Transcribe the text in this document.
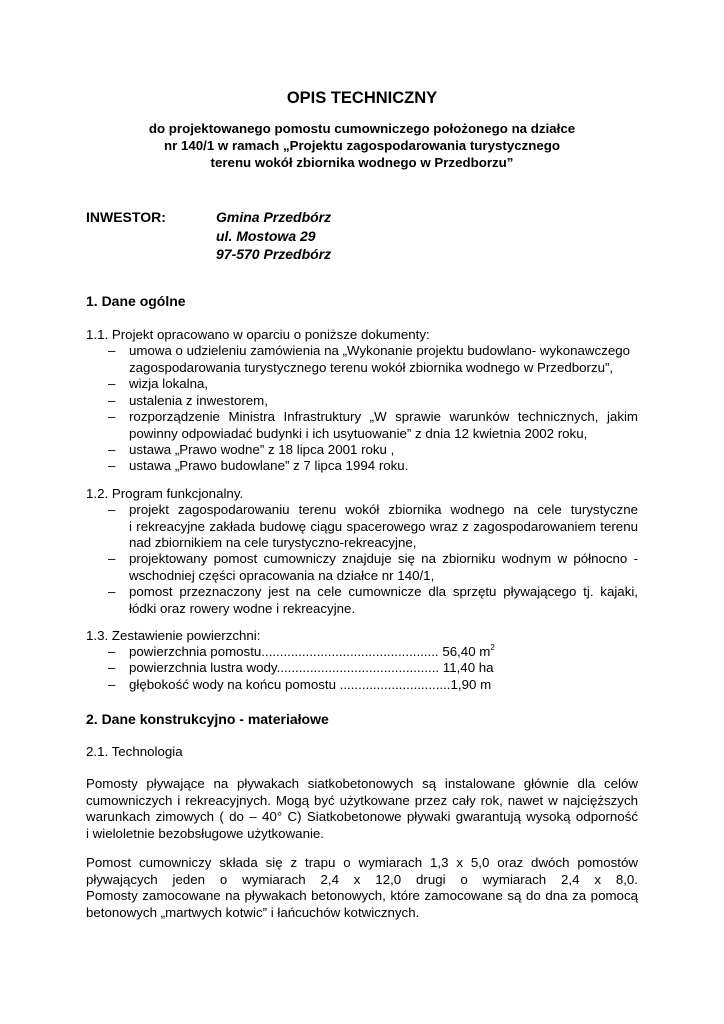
OPIS TECHNICZNY
do projektowanego pomostu cumowniczego położonego na działce
nr 140/1 w ramach „Projektu zagospodarowania turystycznego
terenu wokół zbiornika wodnego w Przedborzu”
INWESTOR:	Gmina Przedbórz
ul. Mostowa 29
97-570 Przedbórz
1. Dane ogólne
1.1. Projekt opracowano w oparciu o poniższe dokumenty:
–	umowa o udzieleniu zamówienia na „Wykonanie projektu budowlano- wykonawczego
zagospodarowania turystycznego terenu wokół zbiornika wodnego w Przedborzu”,
–	wizja lokalna,
–	ustalenia z inwestorem,
–	rozporządzenie Ministra Infrastruktury „W sprawie warunków technicznych, jakim
powinny odpowiadać budynki i ich usytuowanie” z dnia 12 kwietnia 2002 roku,
–	ustawa „Prawo wodne” z 18 lipca 2001 roku ,
–	ustawa „Prawo budowlane” z 7 lipca 1994 roku.
1.2. Program funkcjonalny.
–	projekt zagospodarowaniu terenu wokół zbiornika wodnego na cele turystyczne
i rekreacyjne zakłada budowę ciągu spacerowego wraz z zagospodarowaniem terenu
nad zbiornikiem na cele turystyczno-rekreacyjne,
–	projektowany pomost cumowniczy znajduje się na zbiorniku wodnym w północno -
wschodniej części opracowania na działce nr 140/1,
–	pomost przeznaczony jest na cele cumownicze dla sprzętu pływającego tj. kajaki,
łódki oraz rowery wodne i rekreacyjne.
1.3. Zestawienie powierzchni:
–	powierzchnia pomostu................................................ 56,40 $m^2$
–	powierzchnia lustra wody............................................ 11,40 ha
–	głębokość wody na końcu pomostu ..............................1,90 m
2. Dane konstrukcyjno - materiałowe
2.1. Technologia
Pomosty pływające na pływakach siatkobetonowych są instalowane głównie dla celów
cumowniczych i rekreacyjnych. Mogą być użytkowane przez cały rok, nawet w najcięższych
warunkach zimowych ( do – 40° C) Siatkobetonowe pływaki gwarantują wysoką odporność
i wieloletnie bezobsługowe użytkowanie.
Pomost cumowniczy składa się z trapu o wymiarach 1,3 x 5,0 oraz dwóch pomostów
pływających jeden o wymiarach 2,4 x 12,0 drugi o wymiarach 2,4 x 8,0.
Pomosty zamocowane na pływakach betonowych, które zamocowane są do dna za pomocą
betonowych „martwych kotwic” i łańcuchów kotwicznych.
